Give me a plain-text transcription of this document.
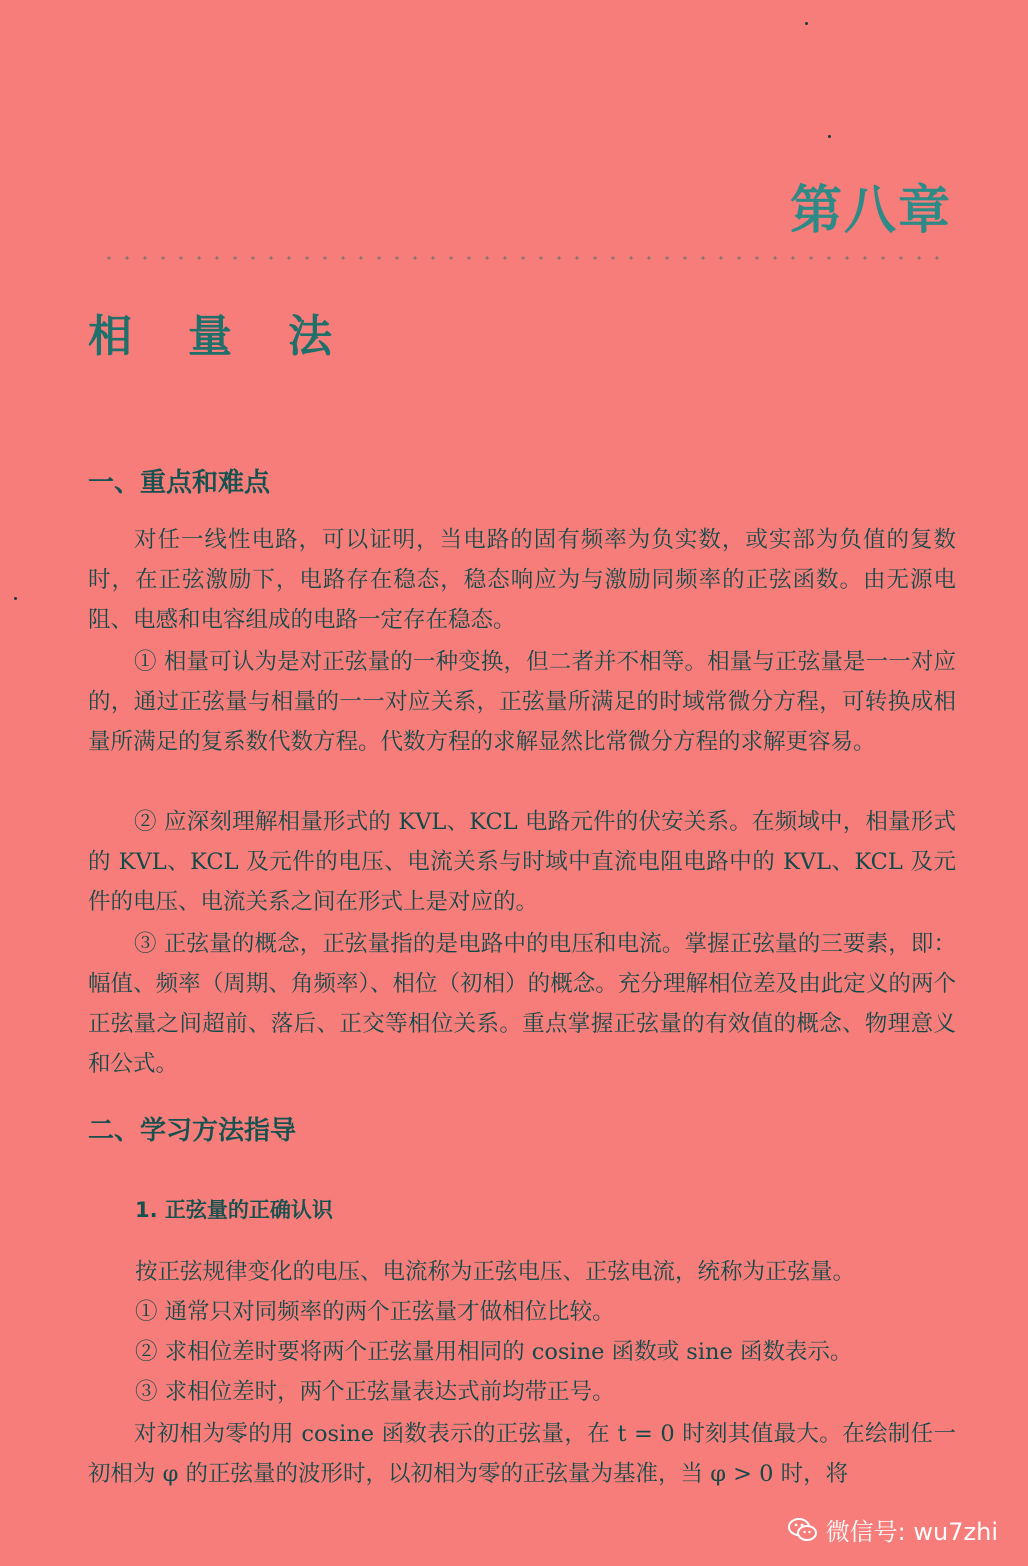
第八章
相量法
一、重点和难点
对任一线性电路，可以证明，当电路的固有频率为负实数，或实部为负值的复数时，在正弦激励下，电路存在稳态，稳态响应为与激励同频率的正弦函数。由无源电阻、电感和电容组成的电路一定存在稳态。
① 相量可认为是对正弦量的一种变换，但二者并不相等。相量与正弦量是一一对应的，通过正弦量与相量的一一对应关系，正弦量所满足的时域常微分方程，可转换成相量所满足的复系数代数方程。代数方程的求解显然比常微分方程的求解更容易。
② 应深刻理解相量形式的 KVL、KCL 电路元件的伏安关系。在频域中，相量形式的 KVL、KCL 及元件的电压、电流关系与时域中直流电阻电路中的 KVL、KCL 及元件的电压、电流关系之间在形式上是对应的。
③ 正弦量的概念，正弦量指的是电路中的电压和电流。掌握正弦量的三要素，即：幅值、频率（周期、角频率）、相位（初相）的概念。充分理解相位差及由此定义的两个正弦量之间超前、落后、正交等相位关系。重点掌握正弦量的有效值的概念、物理意义和公式。
二、学习方法指导
1. 正弦量的正确认识
按正弦规律变化的电压、电流称为正弦电压、正弦电流，统称为正弦量。
① 通常只对同频率的两个正弦量才做相位比较。
② 求相位差时要将两个正弦量用相同的 cosine 函数或 sine 函数表示。
③ 求相位差时，两个正弦量表达式前均带正号。
对初相为零的用 cosine 函数表示的正弦量，在 t = 0 时刻其值最大。在绘制任一初相为 φ 的正弦量的波形时，以初相为零的正弦量为基准，当 φ > 0 时，将
微信号: wu7zhi
